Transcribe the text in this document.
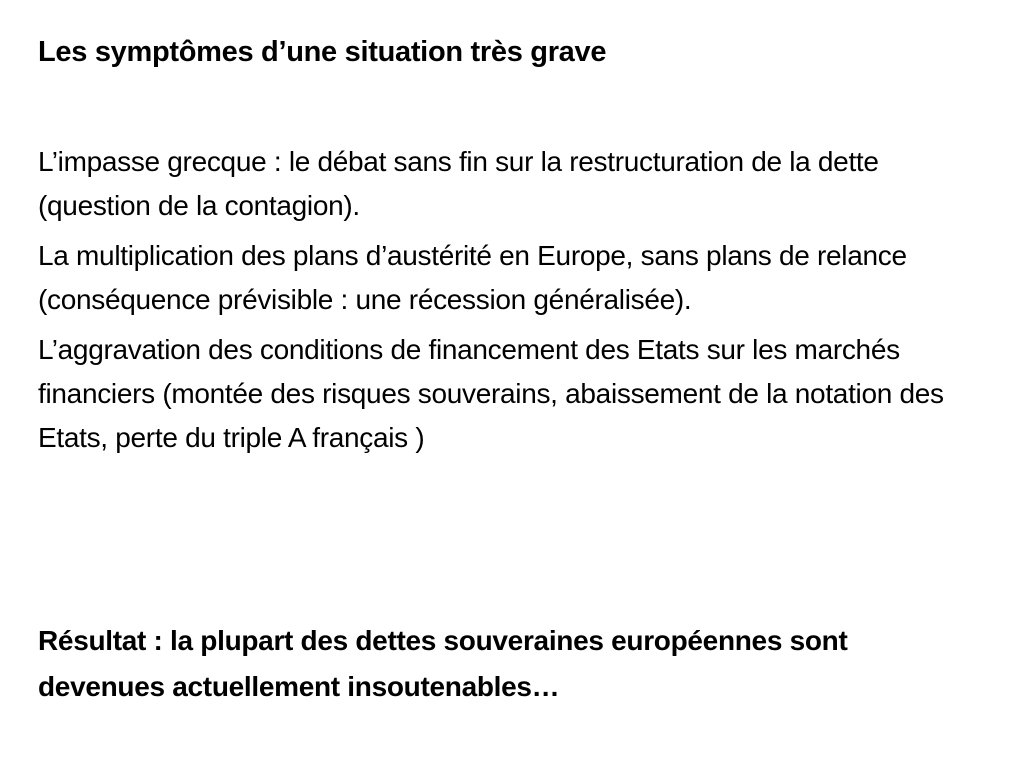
Les symptômes d’une situation très grave

L’impasse grecque : le débat sans fin sur la restructuration de la dette (question de la contagion).

La multiplication des plans d’austérité en Europe, sans plans de relance (conséquence prévisible : une récession généralisée).

L’aggravation des conditions de financement des Etats sur les marchés financiers (montée des risques souverains, abaissement de la notation des Etats, perte du triple A français )

Résultat : la plupart des dettes souveraines européennes sont devenues actuellement insoutenables…
